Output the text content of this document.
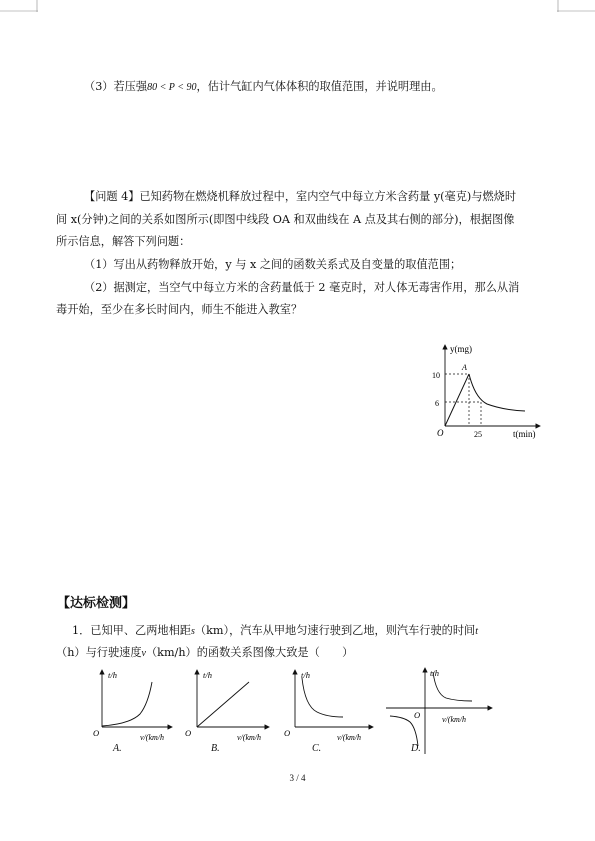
（3）若压强80 < P < 90，估计气缸内气体体积的取值范围，并说明理由。
【问题 4】已知药物在燃烧机释放过程中，室内空气中每立方米含药量 y(毫克)与燃烧时
间 x(分钟)之间的关系如图所示(即图中线段 OA 和双曲线在 A 点及其右侧的部分)，根据图像
所示信息，解答下列问题：
（1）写出从药物释放开始，y 与 x 之间的函数关系式及自变量的取值范围；
（2）据测定，当空气中每立方米的含药量低于 2 毫克时，对人体无毒害作用，那么从消
毒开始，至少在多长时间内，师生不能进入教室？
y(mg)
t(min)
O
10
6
25
A
【达标检测】
1．已知甲、乙两地相距s（km），汽车从甲地匀速行驶到乙地，则汽车行驶的时间t
（h）与行驶速度v（km/h）的函数关系图像大致是（　　）
t/h
v/(km/h
O
A.
t/h
v/(km/h
O
B.
t/h
v/(km/h
O
C.
t/h
v/(km/h
O
D.
3 / 4
